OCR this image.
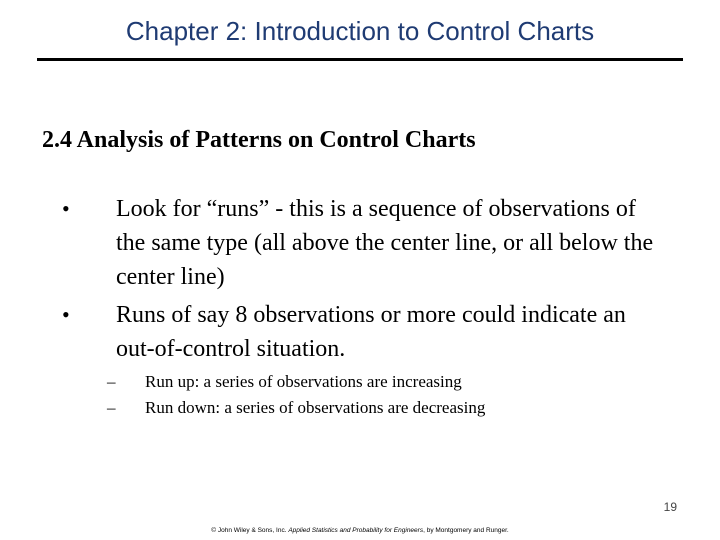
Chapter 2: Introduction to Control Charts
2.4 Analysis of Patterns on Control Charts
• Look for “runs” - this is a sequence of observations of the same type (all above the center line, or all below the center line)
• Runs of say 8 observations or more could indicate an out-of-control situation.
– Run up: a series of observations are increasing
– Run down: a series of observations are decreasing
19
© John Wiley & Sons, Inc. Applied Statistics and Probability for Engineers, by Montgomery and Runger.
